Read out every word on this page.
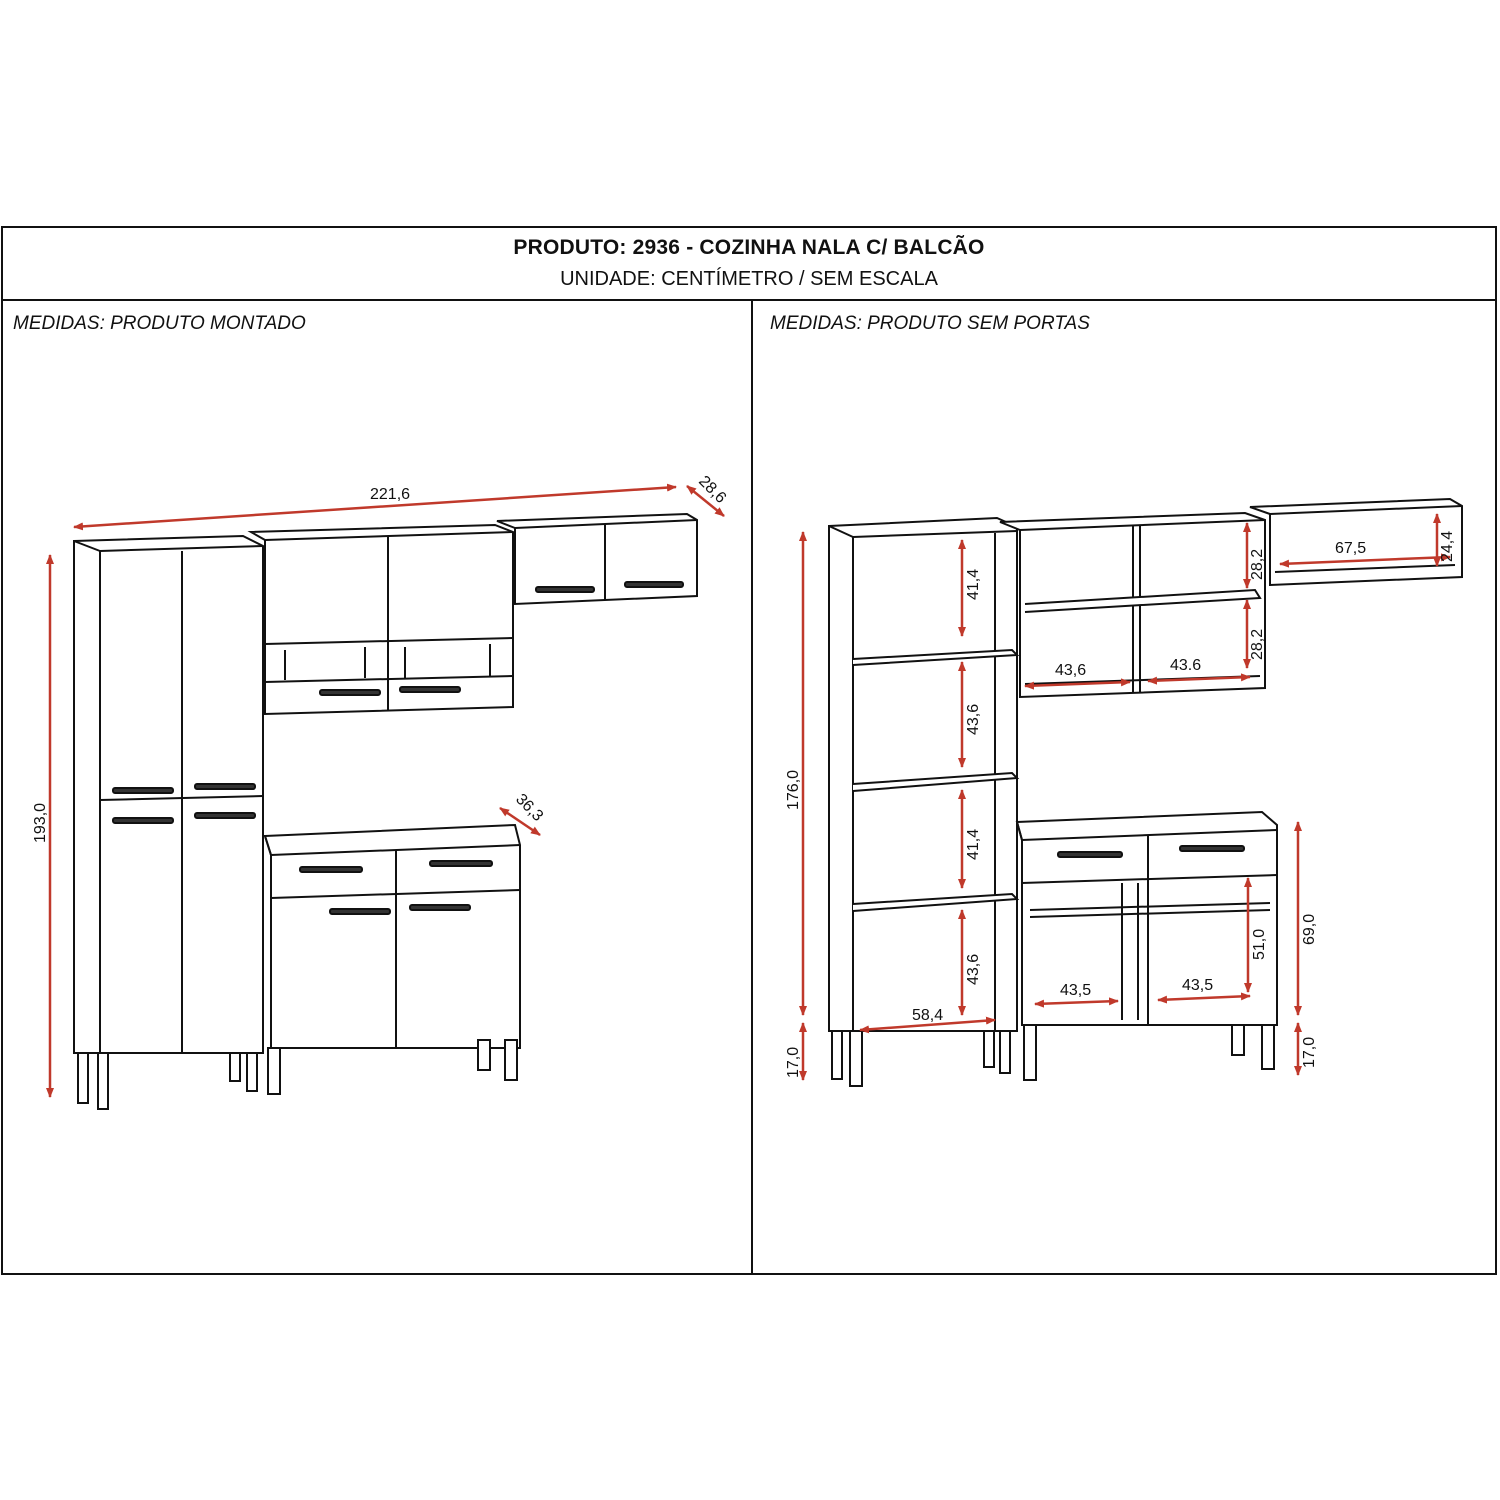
PRODUTO: 2936 - COZINHA NALA C/ BALCÃO
UNIDADE: CENTÍMETRO / SEM ESCALA
MEDIDAS: PRODUTO MONTADO	MEDIDAS: PRODUTO SEM PORTAS
221,6	28,6
36,3
193,0
176,0
17,0
41,4
43,6
41,4
43,6
58,4
28,2
28,2
43,6	43.6
67,5	24,4
51,0 69,0
17,0
43,5	43,5
